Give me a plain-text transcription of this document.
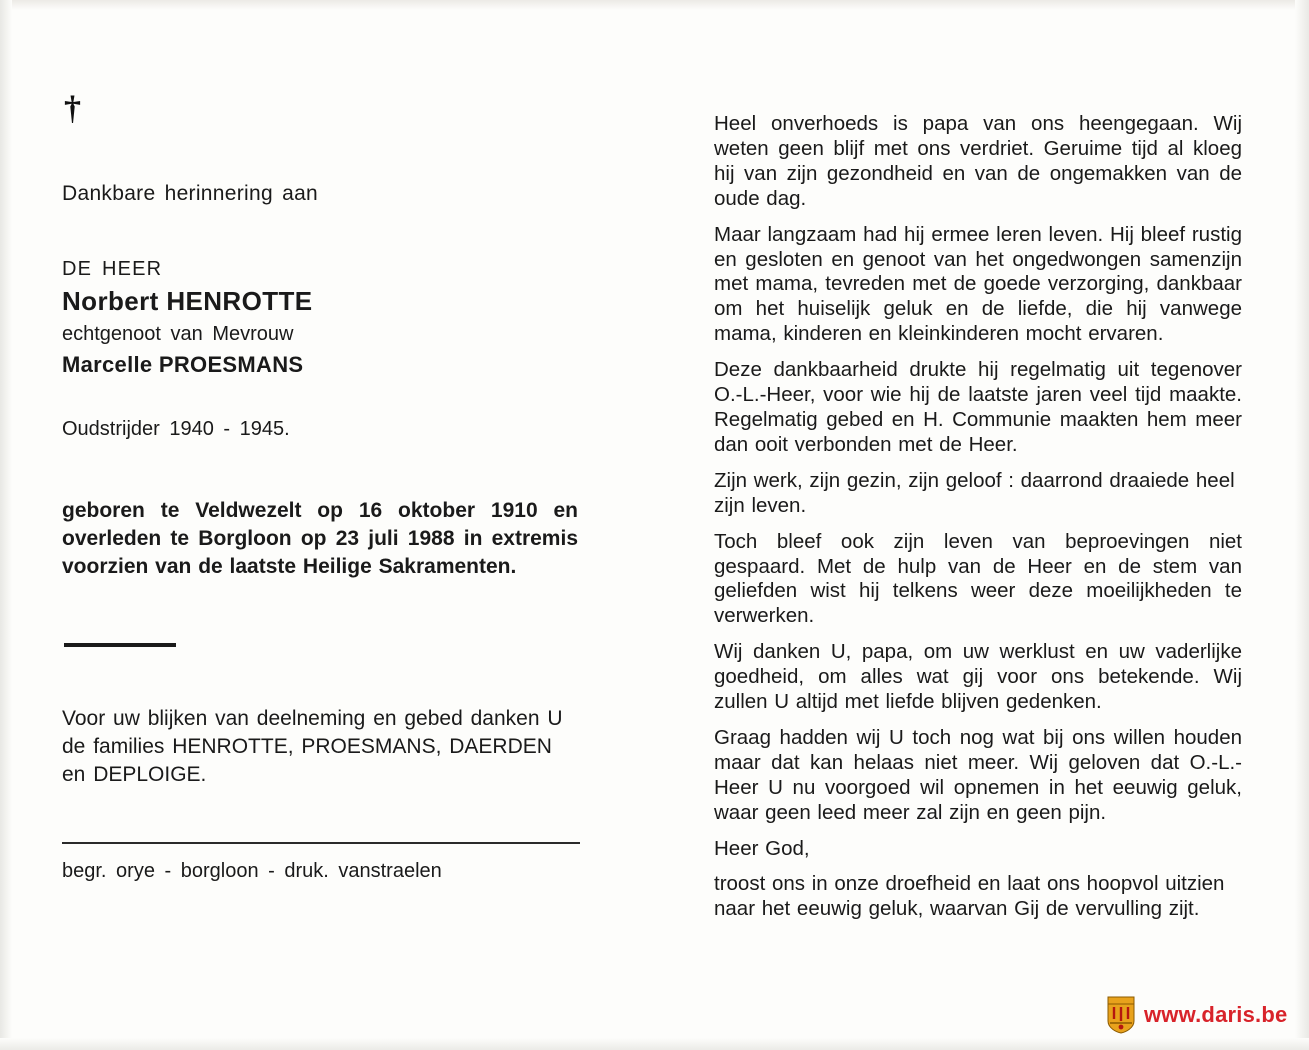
†
Dankbare herinnering aan
DE HEER
Norbert HENROTTE
echtgenoot van Mevrouw
Marcelle PROESMANS
Oudstrijder 1940 - 1945.
geboren te Veldwezelt op 16 oktober 1910 en overleden te Borgloon op 23 juli 1988 in extremis voorzien van de laatste Heilige Sakramenten.
Voor uw blijken van deelneming en gebed danken U de families HENROTTE, PROESMANS, DAERDEN en DEPLOIGE.
begr. orye - borgloon - druk. vanstraelen

Heel onverhoeds is papa van ons heengegaan. Wij weten geen blijf met ons verdriet. Geruime tijd al kloeg hij van zijn gezondheid en van de ongemakken van de oude dag.

Maar langzaam had hij ermee leren leven. Hij bleef rustig en gesloten en genoot van het ongedwongen samenzijn met mama, tevreden met de goede verzorging, dankbaar om het huiselijk geluk en de liefde, die hij vanwege mama, kinderen en kleinkinderen mocht ervaren.

Deze dankbaarheid drukte hij regelmatig uit tegenover O.-L.-Heer, voor wie hij de laatste jaren veel tijd maakte. Regelmatig gebed en H. Communie maakten hem meer dan ooit verbonden met de Heer.

Zijn werk, zijn gezin, zijn geloof : daarrond draaiede heel zijn leven.

Toch bleef ook zijn leven van beproevingen niet gespaard. Met de hulp van de Heer en de stem van geliefden wist hij telkens weer deze moeilijkheden te verwerken.

Wij danken U, papa, om uw werklust en uw vaderlijke goedheid, om alles wat gij voor ons betekende. Wij zullen U altijd met liefde blijven gedenken.

Graag hadden wij U toch nog wat bij ons willen houden maar dat kan helaas niet meer. Wij geloven dat O.-L.-Heer U nu voorgoed wil opnemen in het eeuwig geluk, waar geen leed meer zal zijn en geen pijn.

Heer God,

troost ons in onze droefheid en laat ons hoopvol uitzien naar het eeuwig geluk, waarvan Gij de vervulling zijt.

www.daris.be
